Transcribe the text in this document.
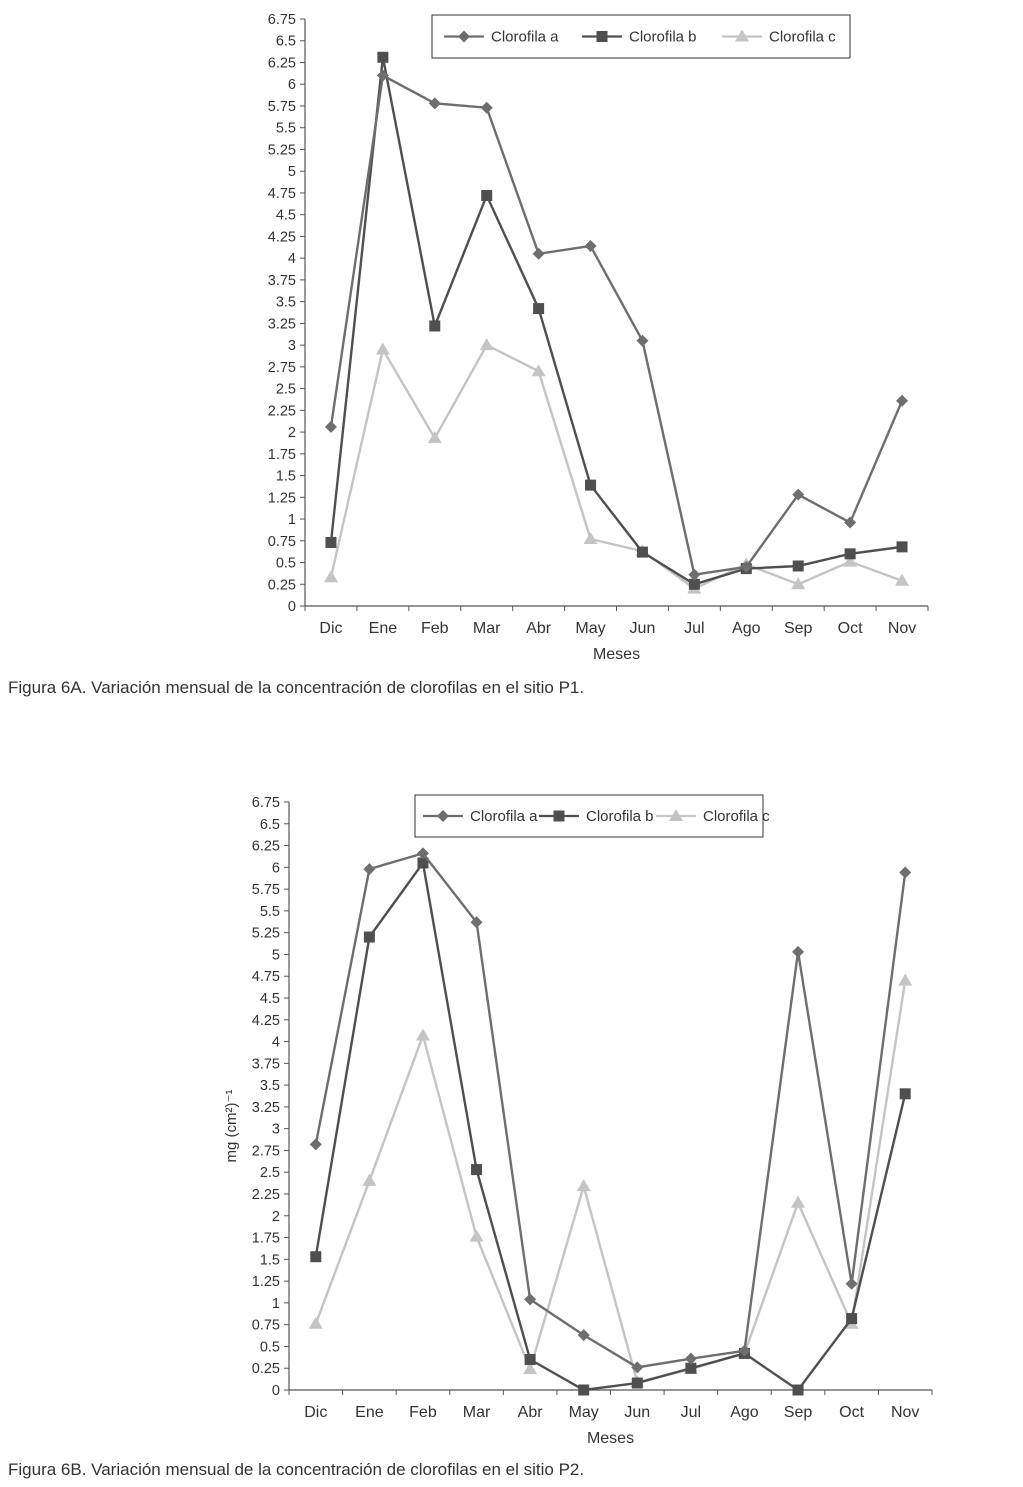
0
0.25
0.5
0.75
1
1.25
1.5
1.75
2
2.25
2.5
2.75
3
3.25
3.5
3.75
4
4.25
4.5
4.75
5
5.25
5.5
5.75
6
6.25
6.5
6.75
Dic Ene Feb Mar Abr May Jun Jul Ago Sep Oct Nov
Meses
Clorofila a	Clorofila b	Clorofila c
Figura 6A. Variación mensual de la concentración de clorofilas en el sitio P1.
0
0.25
0.5
0.75
1
1.25
1.5
1.75
2
2.25
2.5
2.75
3
3.25
3.5
3.75
4
4.25
4.5
4.75
5
5.25
5.5
5.75
6
6.25
6.5
6.75
Dic Ene Feb Mar Abr May Jun Jul Ago Sep Oct Nov
Meses
mg (cm²)⁻¹
Clorofila a	Clorofila b	Clorofila c
Figura 6B. Variación mensual de la concentración de clorofilas en el sitio P2.
